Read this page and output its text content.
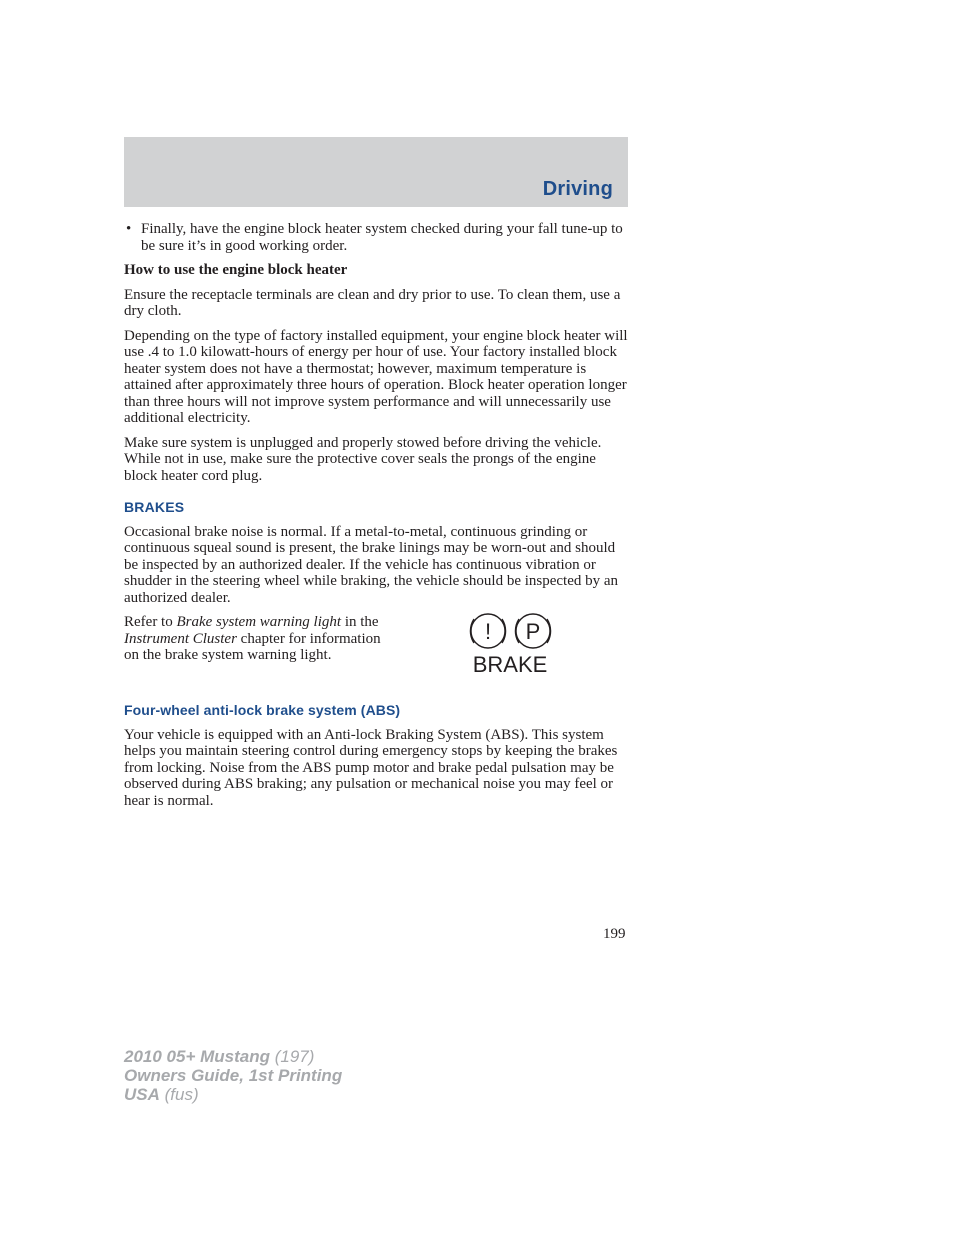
Driving
• Finally, have the engine block heater system checked during your fall tune-up to be sure it’s in good working order.
How to use the engine block heater

Ensure the receptacle terminals are clean and dry prior to use. To clean them, use a dry cloth.

Depending on the type of factory installed equipment, your engine block heater will use .4 to 1.0 kilowatt-hours of energy per hour of use. Your factory installed block heater system does not have a thermostat; however, maximum temperature is attained after approximately three hours of operation. Block heater operation longer than three hours will not improve system performance and will unnecessarily use additional electricity.

Make sure system is unplugged and properly stowed before driving the vehicle. While not in use, make sure the protective cover seals the prongs of the engine block heater cord plug.

BRAKES

Occasional brake noise is normal. If a metal-to-metal, continuous grinding or continuous squeal sound is present, the brake linings may be worn-out and should be inspected by an authorized dealer. If the vehicle has continuous vibration or shudder in the steering wheel while braking, the vehicle should be inspected by an authorized dealer.

Refer to Brake system warning light in the Instrument Cluster chapter for information on the brake system warning light.
! P
BRAKE
Four-wheel anti-lock brake system (ABS)

Your vehicle is equipped with an Anti-lock Braking System (ABS). This system helps you maintain steering control during emergency stops by keeping the brakes from locking. Noise from the ABS pump motor and brake pedal pulsation may be observed during ABS braking; any pulsation or mechanical noise you may feel or hear is normal.

199
2010 05+ Mustang (197)
Owners Guide, 1st Printing
USA (fus)
